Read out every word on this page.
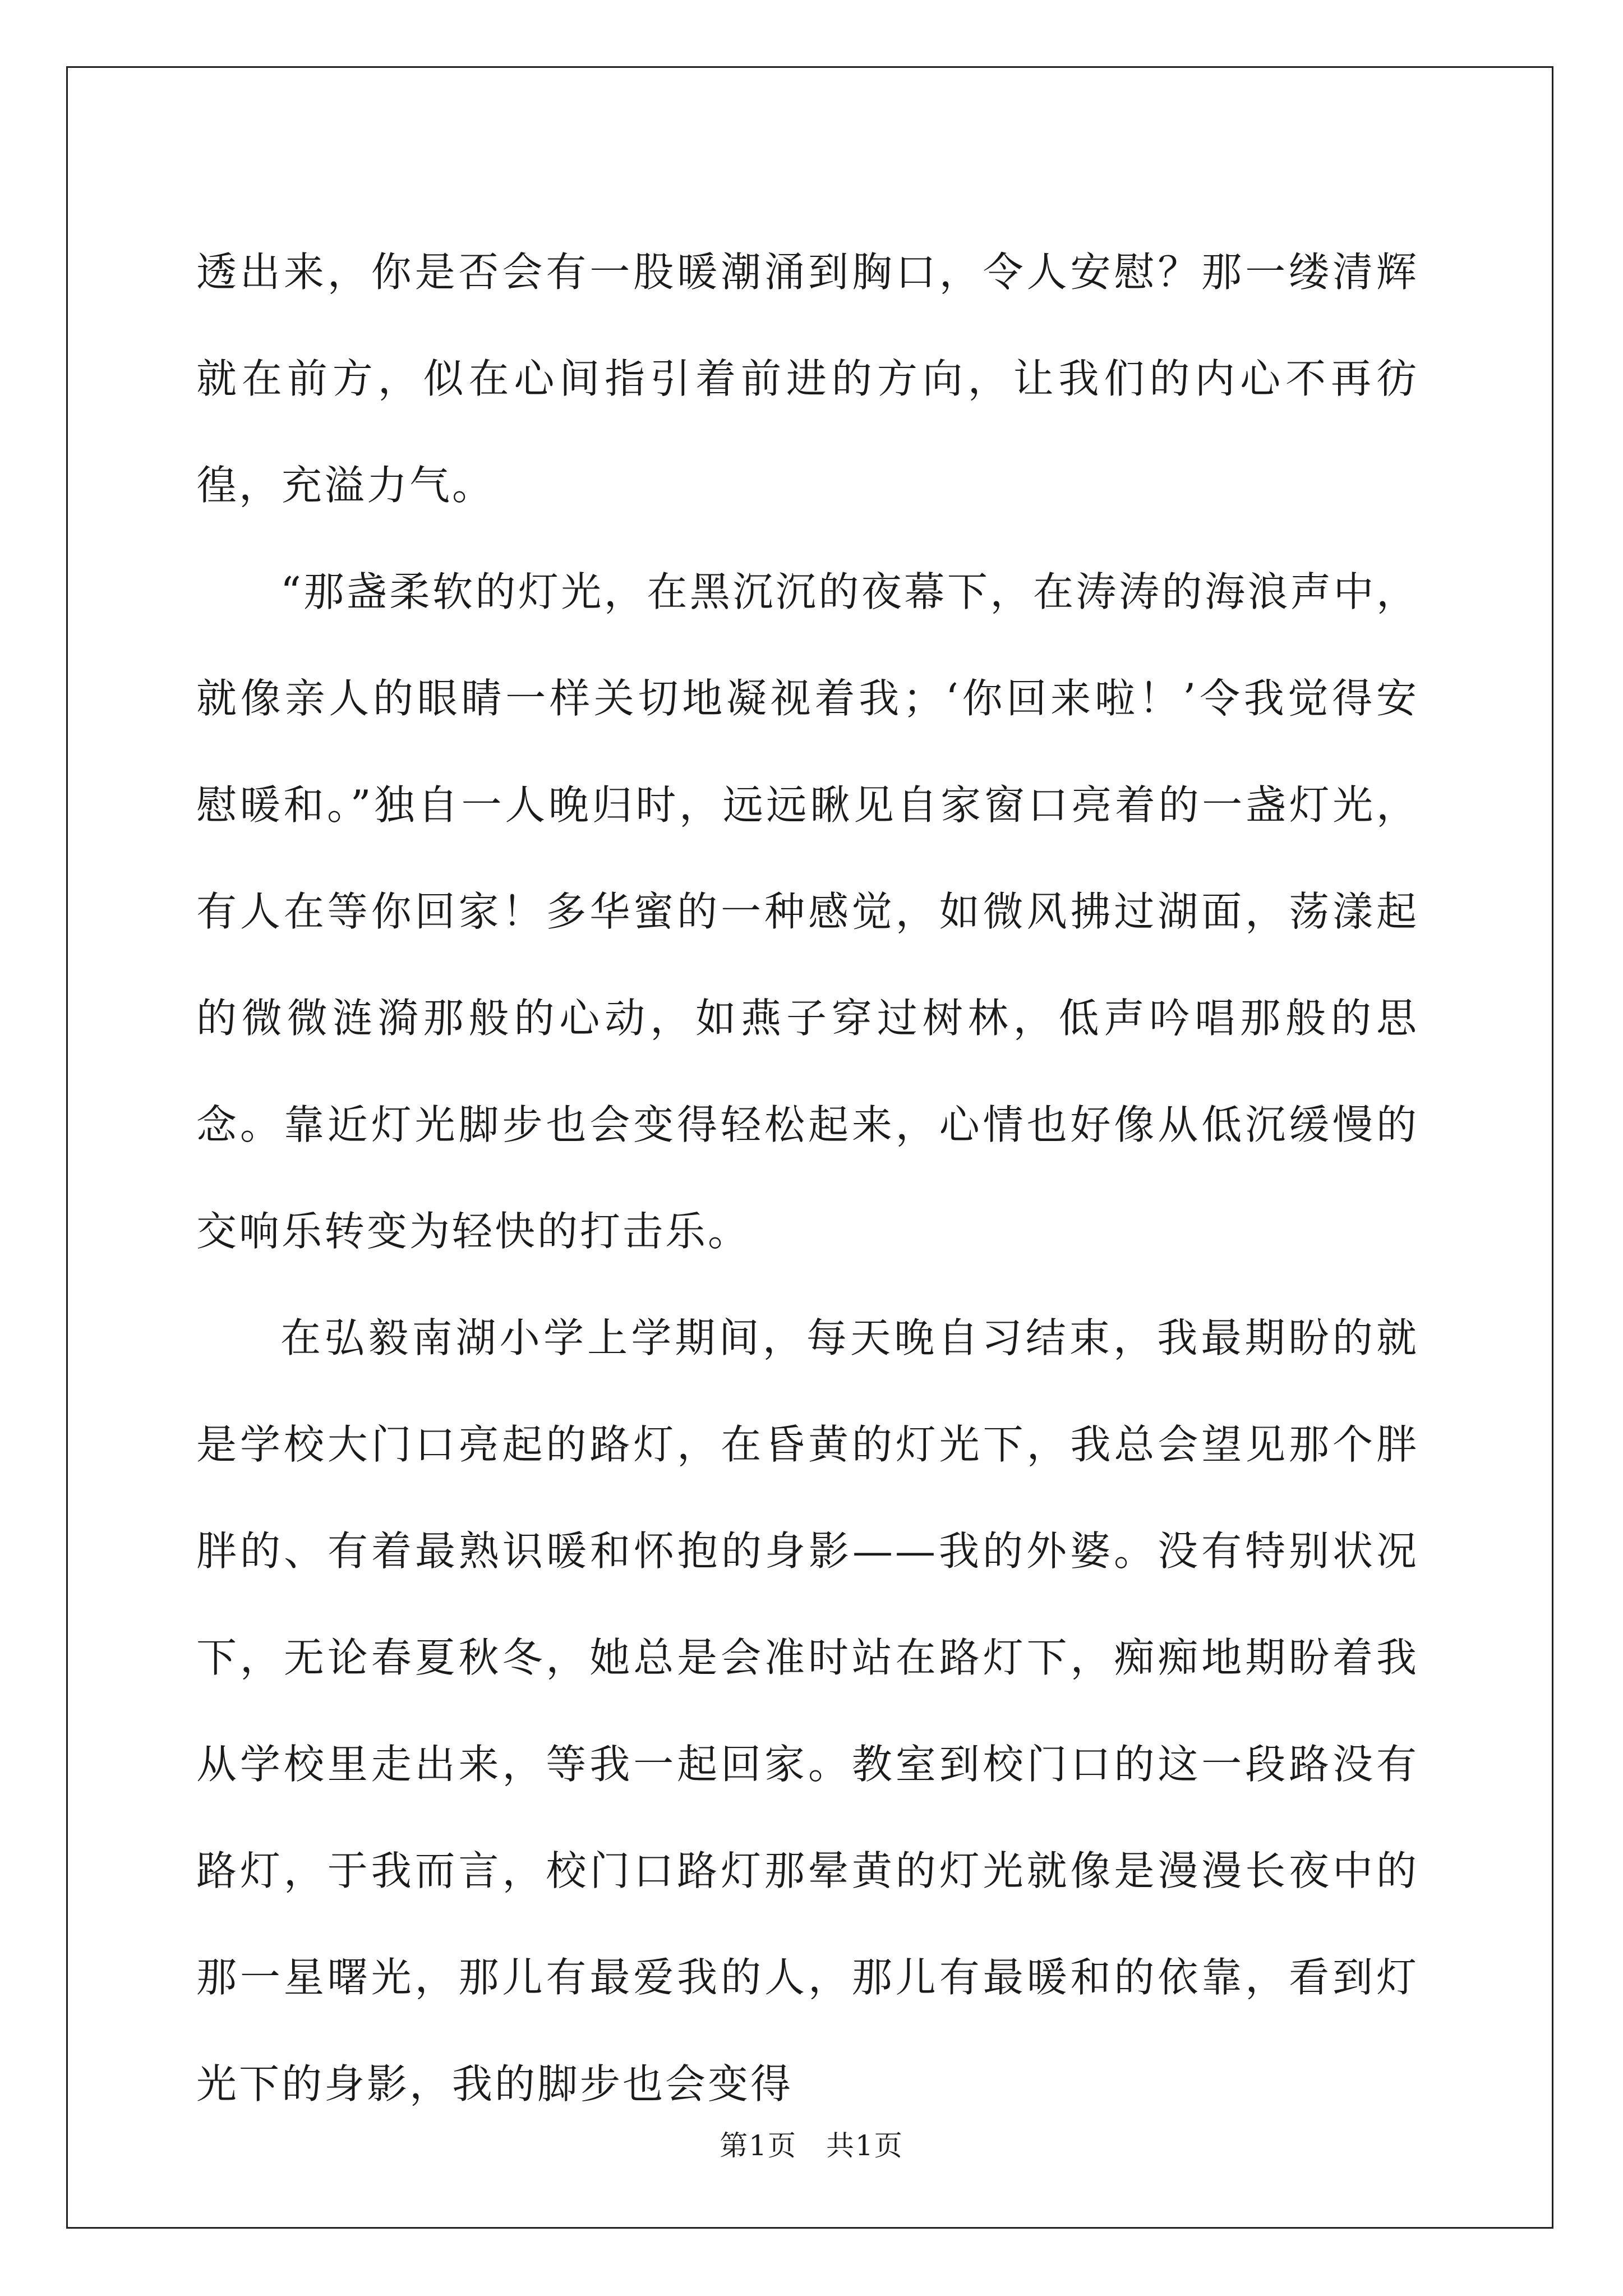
透出来，你是否会有一股暖潮涌到胸口，令人安慰？那一缕清辉就在前方，似在心间指引着前进的方向，让我们的内心不再彷徨，充溢力气。

“那盏柔软的灯光，在黑沉沉的夜幕下，在涛涛的海浪声中，就像亲人的眼睛一样关切地凝视着我；‘你回来啦！’令我觉得安慰暖和。”独自一人晚归时，远远瞅见自家窗口亮着的一盏灯光，有人在等你回家！多华蜜的一种感觉，如微风拂过湖面，荡漾起的微微涟漪那般的心动，如燕子穿过树林，低声吟唱那般的思念。靠近灯光脚步也会变得轻松起来，心情也好像从低沉缓慢的交响乐转变为轻快的打击乐。

在弘毅南湖小学上学期间，每天晚自习结束，我最期盼的就是学校大门口亮起的路灯，在昏黄的灯光下，我总会望见那个胖胖的、有着最熟识暖和怀抱的身影——我的外婆。没有特别状况下，无论春夏秋冬，她总是会准时站在路灯下，痴痴地期盼着我从学校里走出来，等我一起回家。教室到校门口的这一段路没有路灯，于我而言，校门口路灯那晕黄的灯光就像是漫漫长夜中的那一星曙光，那儿有最爱我的人，那儿有最暖和的依靠，看到灯光下的身影，我的脚步也会变得

第1页　共1页
